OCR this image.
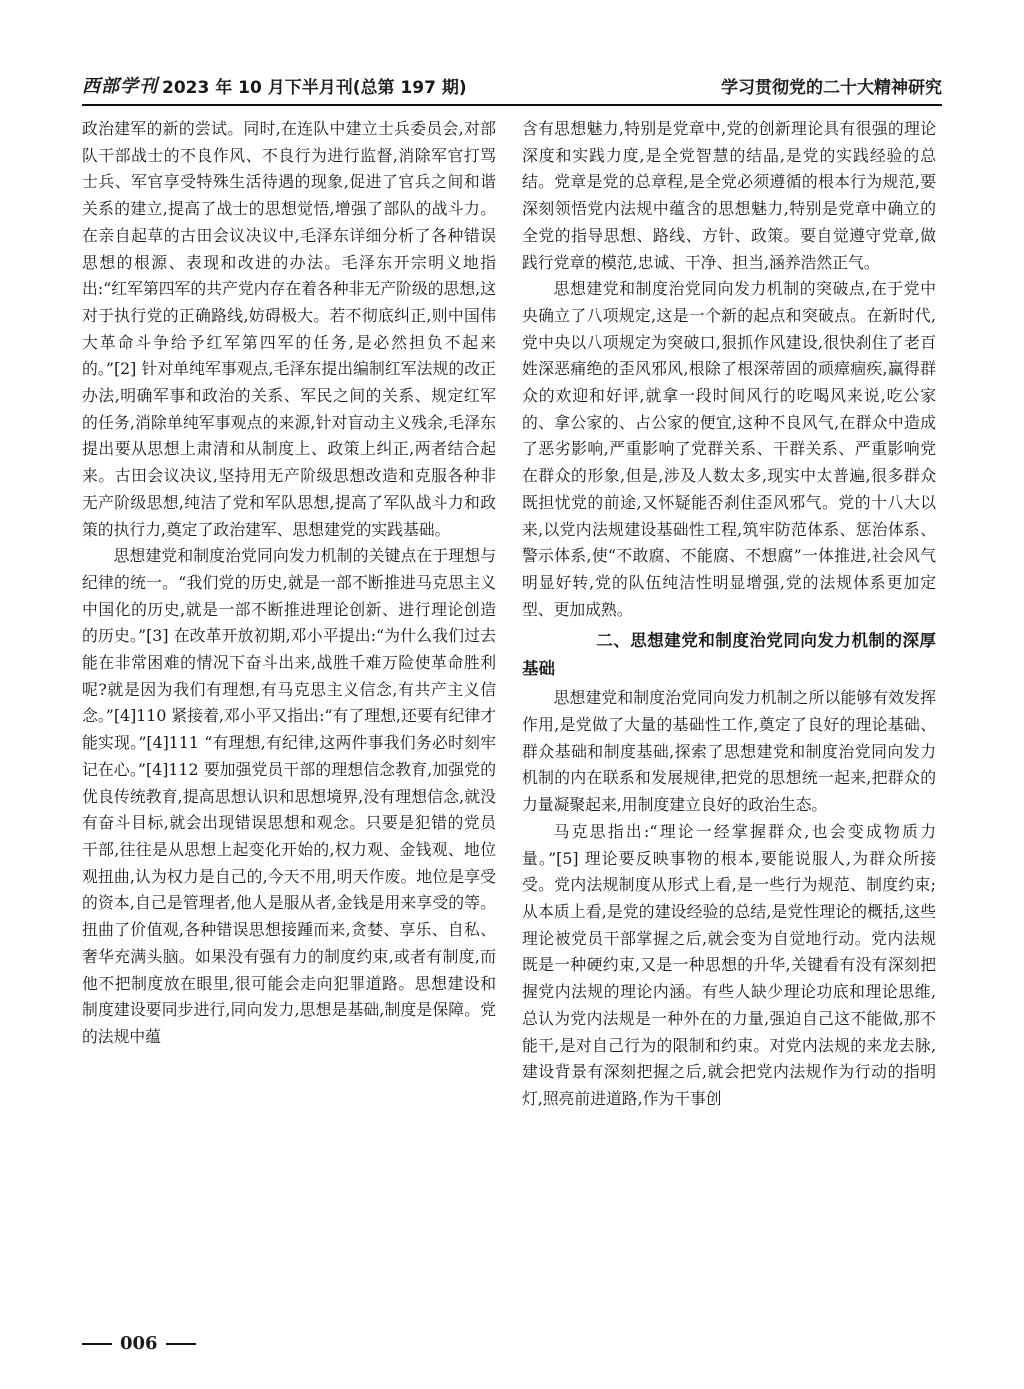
西部学刊 2023 年 10 月下半月刊(总第 197 期)	学习贯彻党的二十大精神研究

政治建军的新的尝试。同时,在连队中建立士兵委员会,对部队干部战士的不良作风、不良行为进行监督,消除军官打骂士兵、军官享受特殊生活待遇的现象,促进了官兵之间和谐关系的建立,提高了战士的思想觉悟,增强了部队的战斗力。在亲自起草的古田会议决议中,毛泽东详细分析了各种错误思想的根源、表现和改进的办法。毛泽东开宗明义地指出:“红军第四军的共产党内存在着各种非无产阶级的思想,这对于执行党的正确路线,妨碍极大。若不彻底纠正,则中国伟大革命斗争给予红军第四军的任务,是必然担负不起来的。”[2] 针对单纯军事观点,毛泽东提出编制红军法规的改正办法,明确军事和政治的关系、军民之间的关系、规定红军的任务,消除单纯军事观点的来源,针对盲动主义残余,毛泽东提出要从思想上肃清和从制度上、政策上纠正,两者结合起来。古田会议决议,坚持用无产阶级思想改造和克服各种非无产阶级思想,纯洁了党和军队思想,提高了军队战斗力和政策的执行力,奠定了政治建军、思想建党的实践基础。

思想建党和制度治党同向发力机制的关键点在于理想与纪律的统一。“我们党的历史,就是一部不断推进马克思主义中国化的历史,就是一部不断推进理论创新、进行理论创造的历史。”[3] 在改革开放初期,邓小平提出:“为什么我们过去能在非常困难的情况下奋斗出来,战胜千难万险使革命胜利呢?就是因为我们有理想,有马克思主义信念,有共产主义信念。”[4]110 紧接着,邓小平又指出:“有了理想,还要有纪律才能实现。”[4]111 “有理想,有纪律,这两件事我们务必时刻牢记在心。”[4]112 要加强党员干部的理想信念教育,加强党的优良传统教育,提高思想认识和思想境界,没有理想信念,就没有奋斗目标,就会出现错误思想和观念。只要是犯错的党员干部,往往是从思想上起变化开始的,权力观、金钱观、地位观扭曲,认为权力是自己的,今天不用,明天作废。地位是享受的资本,自己是管理者,他人是服从者,金钱是用来享受的等。扭曲了价值观,各种错误思想接踵而来,贪婪、享乐、自私、奢华充满头脑。如果没有强有力的制度约束,或者有制度,而他不把制度放在眼里,很可能会走向犯罪道路。思想建设和制度建设要同步进行,同向发力,思想是基础,制度是保障。党的法规中蕴

含有思想魅力,特别是党章中,党的创新理论具有很强的理论深度和实践力度,是全党智慧的结晶,是党的实践经验的总结。党章是党的总章程,是全党必须遵循的根本行为规范,要深刻领悟党内法规中蕴含的思想魅力,特别是党章中确立的全党的指导思想、路线、方针、政策。要自觉遵守党章,做践行党章的模范,忠诚、干净、担当,涵养浩然正气。

思想建党和制度治党同向发力机制的突破点,在于党中央确立了八项规定,这是一个新的起点和突破点。在新时代,党中央以八项规定为突破口,狠抓作风建设,很快刹住了老百姓深恶痛绝的歪风邪风,根除了根深蒂固的顽瘴痼疾,赢得群众的欢迎和好评,就拿一段时间风行的吃喝风来说,吃公家的、拿公家的、占公家的便宜,这种不良风气,在群众中造成了恶劣影响,严重影响了党群关系、干群关系、严重影响党在群众的形象,但是,涉及人数太多,现实中太普遍,很多群众既担忧党的前途,又怀疑能否刹住歪风邪气。党的十八大以来,以党内法规建设基础性工程,筑牢防范体系、惩治体系、警示体系,使“不敢腐、不能腐、不想腐”一体推进,社会风气明显好转,党的队伍纯洁性明显增强,党的法规体系更加定型、更加成熟。

二、思想建党和制度治党同向发力机制的深厚基础

思想建党和制度治党同向发力机制之所以能够有效发挥作用,是党做了大量的基础性工作,奠定了良好的理论基础、群众基础和制度基础,探索了思想建党和制度治党同向发力机制的内在联系和发展规律,把党的思想统一起来,把群众的力量凝聚起来,用制度建立良好的政治生态。

马克思指出:“理论一经掌握群众,也会变成物质力量。”[5] 理论要反映事物的根本,要能说服人,为群众所接受。党内法规制度从形式上看,是一些行为规范、制度约束;从本质上看,是党的建设经验的总结,是党性理论的概括,这些理论被党员干部掌握之后,就会变为自觉地行动。党内法规既是一种硬约束,又是一种思想的升华,关键看有没有深刻把握党内法规的理论内涵。有些人缺少理论功底和理论思维,总认为党内法规是一种外在的力量,强迫自己这不能做,那不能干,是对自己行为的限制和约束。对党内法规的来龙去脉,建设背景有深刻把握之后,就会把党内法规作为行动的指明灯,照亮前进道路,作为干事创

006
